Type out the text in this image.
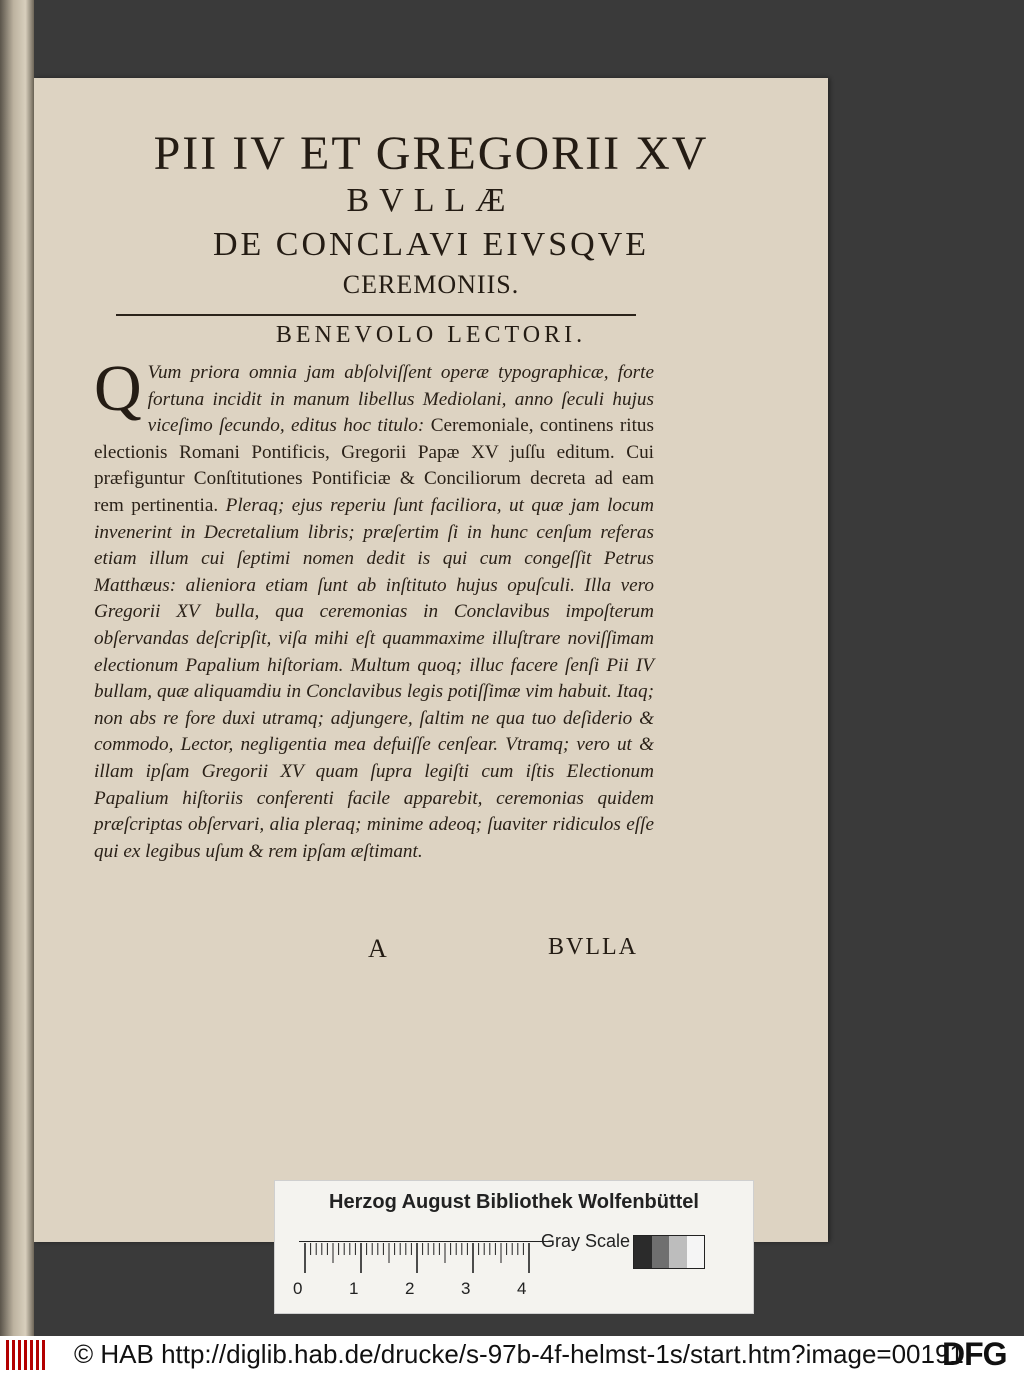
PII IV ET GREGORII XV
BVLLÆ
DE CONCLAVI EIVSQVE
CEREMONIIS.
BENEVOLO LECTORI.
Q Vum priora omnia jam abſolviſſent operæ typographicæ, forte fortuna incidit in manum libellus Mediolani, anno ſeculi hujus viceſimo ſecundo, editus hoc titulo: Ceremoniale, continens ritus electionis Romani Pontificis, Gregorii Papæ XV juſſu editum. Cui præfiguntur Conſtitutiones Pontificiæ & Conciliorum decreta ad eam rem pertinentia. Pleraq; ejus reperiu ſunt faciliora, ut quæ jam locum invenerint in Decretalium libris; præſertim ſi in hunc cenſum referas etiam illum cui ſeptimi nomen dedit is qui cum congeſſit Petrus Matthæus: alieniora etiam ſunt ab inſtituto hujus opuſculi. Illa vero Gregorii XV bulla, qua ceremonias in Conclavibus impoſterum obſervandas deſcripſit, viſa mihi eſt quammaxime illuſtrare noviſſimam electionum Papalium hiſtoriam. Multum quoq; illuc facere ſenſi Pii IV bullam, quæ aliquamdiu in Conclavibus legis potiſſimæ vim habuit. Itaq; non abs re fore duxi utramq; adjungere, ſaltim ne qua tuo deſiderio & commodo, Lector, negligentia mea defuiſſe cenſear. Vtramq; vero ut & illam ipſam Gregorii XV quam ſupra legiſti cum iſtis Electionum Papalium hiſtoriis conferenti facile apparebit, ceremonias quidem præſcriptas obſervari, alia pleraq; minime adeoq; ſuaviter ridiculos eſſe qui ex legibus uſum & rem ipſam æſtimant.
A	BVLLA
Herzog August Bibliothek Wolfenbüttel
0	1	2	3	4
Gray Scale
© HAB http://diglib.hab.de/drucke/s-97b-4f-helmst-1s/start.htm?image=00191
DFG
